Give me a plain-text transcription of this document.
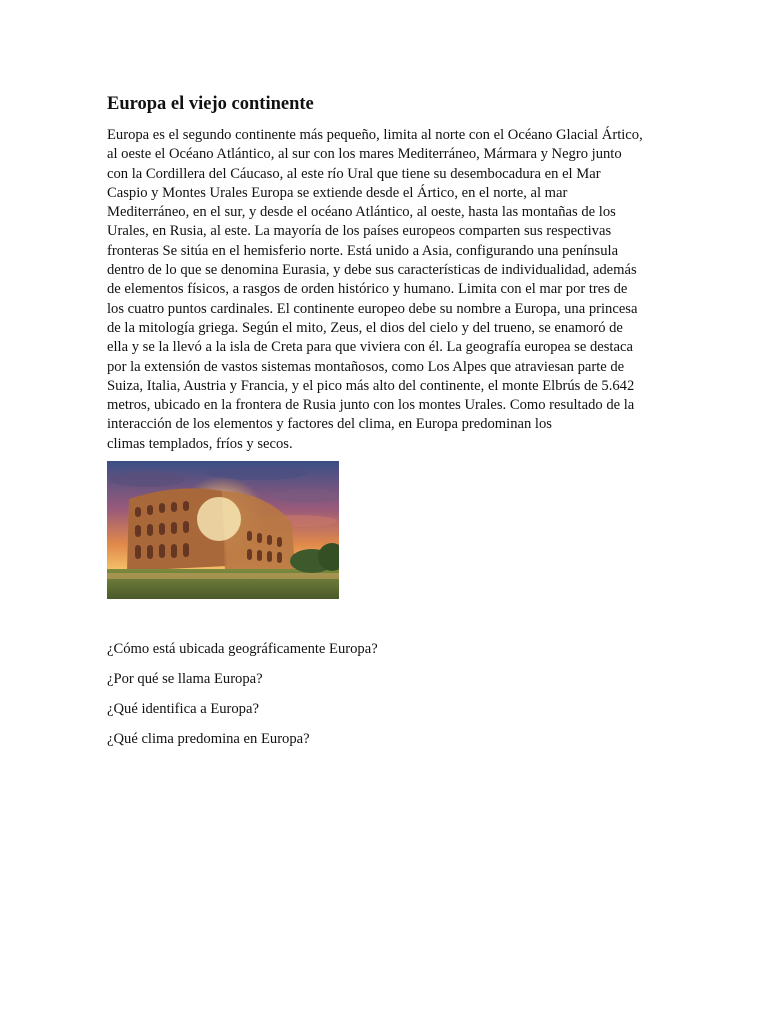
Europa el viejo continente

Europa es el segundo continente más pequeño, limita al norte con el Océano Glacial Ártico,
al oeste el Océano Atlántico, al sur con los mares Mediterráneo, Mármara y Negro junto
con la Cordillera del Cáucaso, al este río Ural que tiene su desembocadura en el Mar
Caspio y Montes Urales Europa se extiende desde el Ártico, en el norte, al mar
Mediterráneo, en el sur, y desde el océano Atlántico, al oeste, hasta las montañas de los
Urales, en Rusia, al este. La mayoría de los países europeos comparten sus respectivas
fronteras Se sitúa en el hemisferio norte. Está unido a Asia, configurando una península
dentro de lo que se denomina Eurasia, y debe sus características de individualidad, además
de elementos físicos, a rasgos de orden histórico y humano. Limita con el mar por tres de
los cuatro puntos cardinales. El continente europeo debe su nombre a Europa, una princesa
de la mitología griega. Según el mito, Zeus, el dios del cielo y del trueno, se enamoró de
ella y se la llevó a la isla de Creta para que viviera con él. La geografía europea se destaca
por la extensión de vastos sistemas montañosos, como Los Alpes que atraviesan parte de
Suiza, Italia, Austria y Francia, y el pico más alto del continente, el monte Elbrús de 5.642
metros, ubicado en la frontera de Rusia junto con los montes Urales. Como resultado de la
interacción de los elementos y factores del clima, en Europa predominan los
climas templados, fríos y secos.

¿Cómo está ubicada geográficamente Europa?

¿Por qué se llama Europa?

¿Qué identifica a Europa?

¿Qué clima predomina en Europa?
